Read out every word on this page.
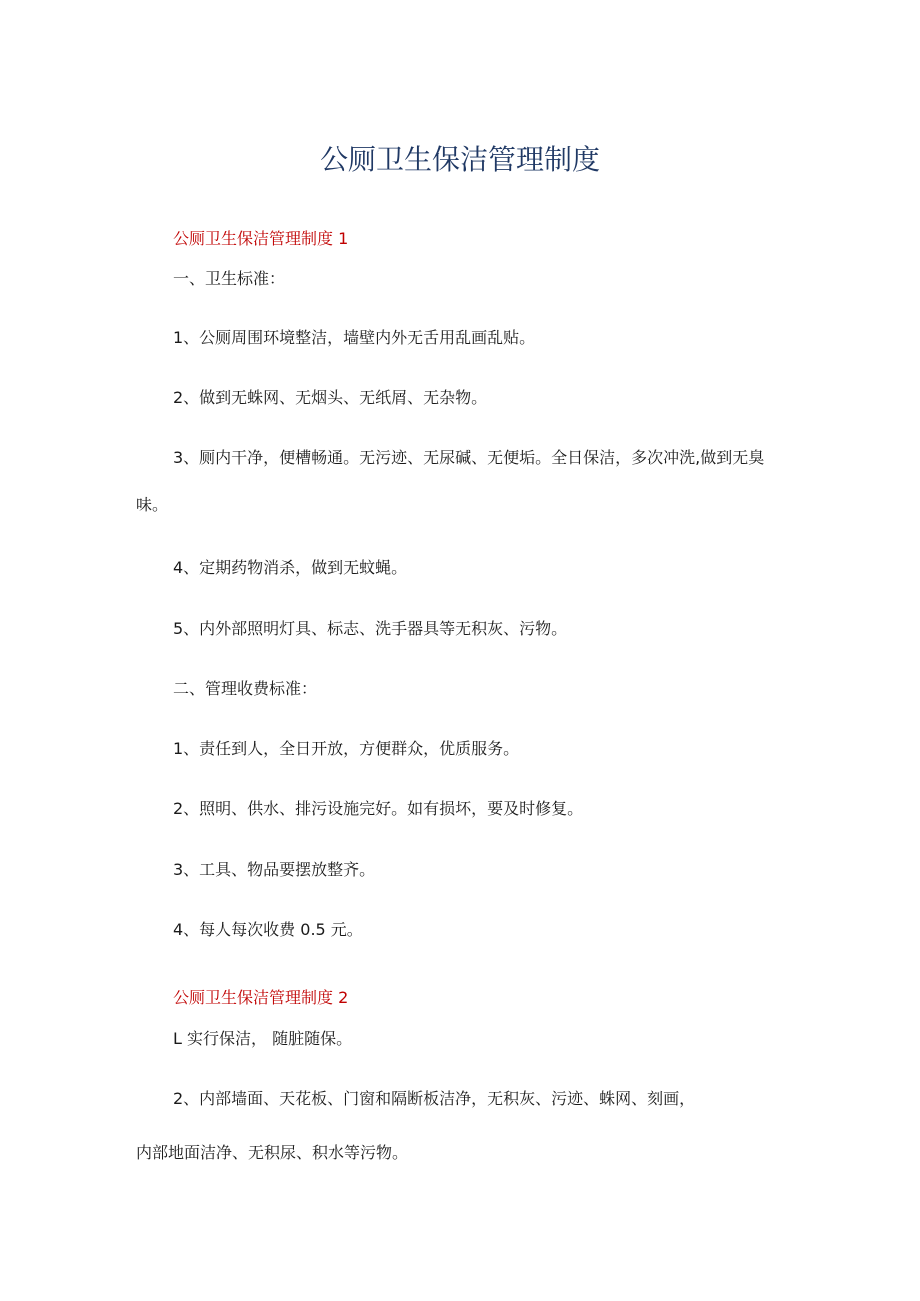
公厕卫生保洁管理制度

公厕卫生保洁管理制度 1

一、卫生标准：

1、公厕周围环境整洁，墙壁内外无舌用乱画乱贴。

2、做到无蛛网、无烟头、无纸屑、无杂物。

3、厕内干净，便槽畅通。无污迹、无尿碱、无便垢。全日保洁，多次冲洗,做到无臭味。

4、定期药物消杀，做到无蚊蝇。

5、内外部照明灯具、标志、洗手器具等无积灰、污物。

二、管理收费标准：

1、责任到人，全日开放，方便群众，优质服务。

2、照明、供水、排污设施完好。如有损坏，要及时修复。

3、工具、物品要摆放整齐。

4、每人每次收费 0.5 元。

公厕卫生保洁管理制度 2

L 实行保洁， 随脏随保。

2、内部墙面、天花板、门窗和隔断板洁净，无积灰、污迹、蛛网、刻画，

内部地面洁净、无积尿、积水等污物。
